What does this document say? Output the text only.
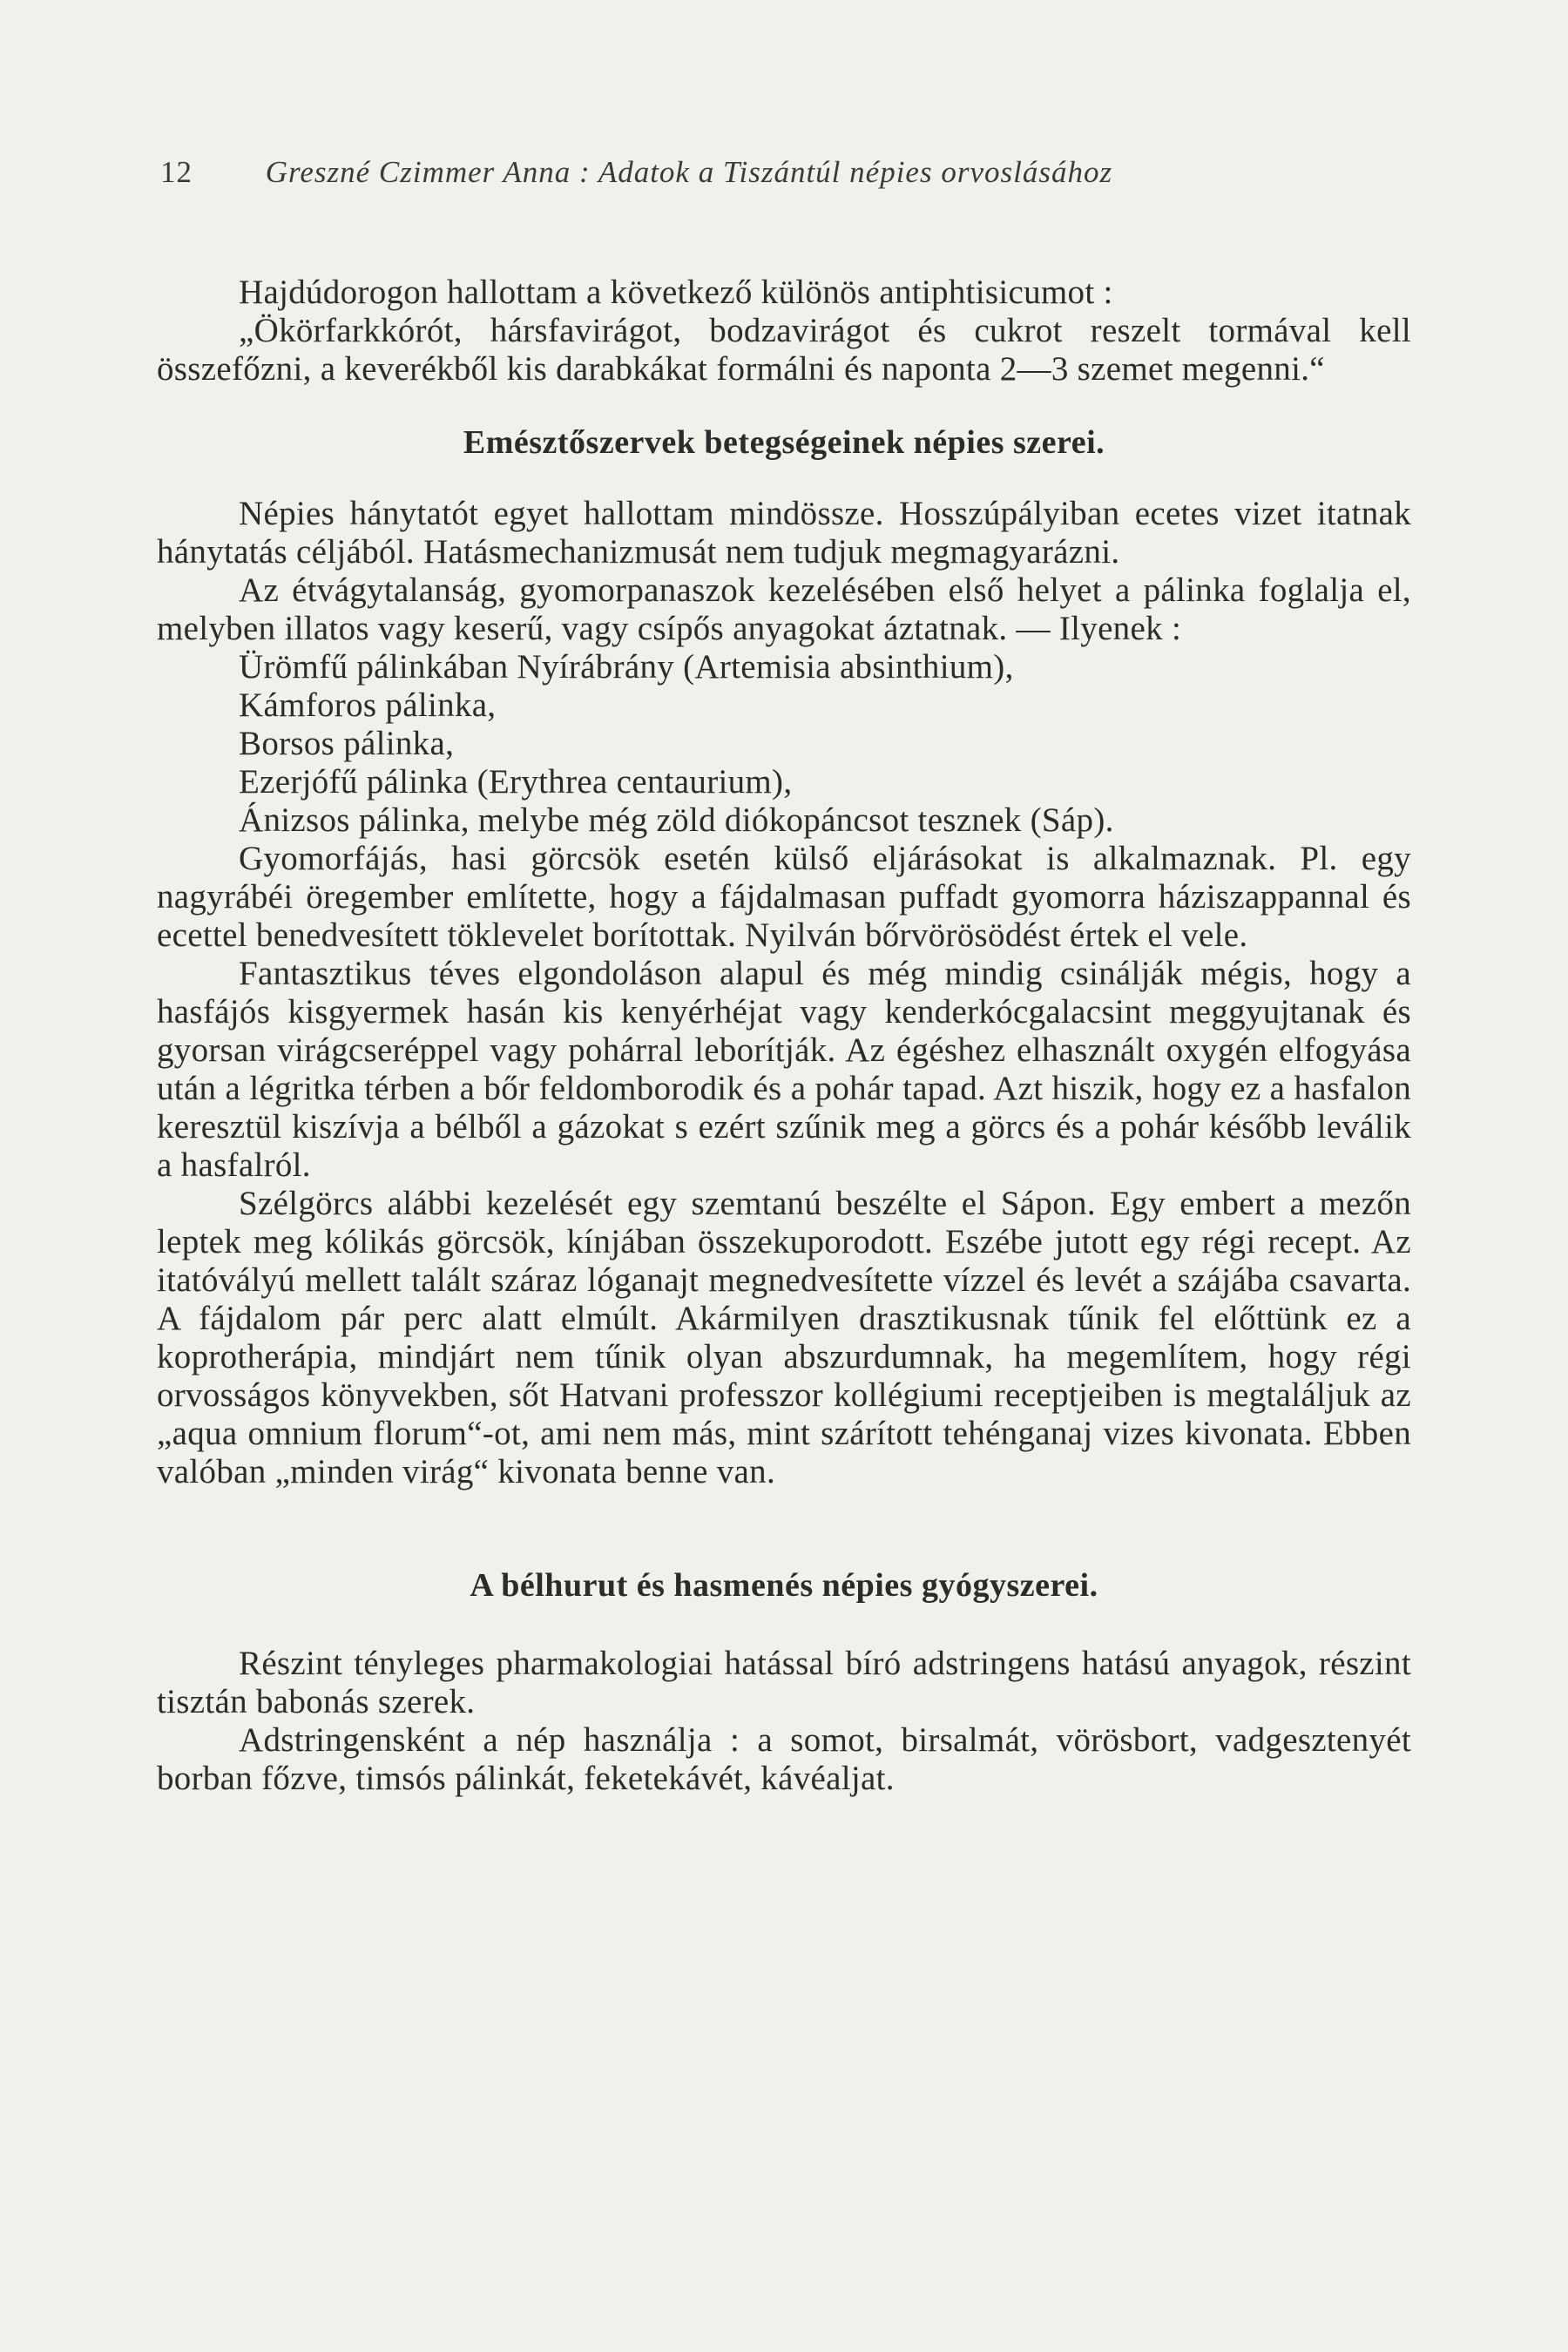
12 Greszné Czimmer Anna : Adatok a Tiszántúl népies orvoslásához

Hajdúdorogon hallottam a következő különös antiphtisicumot :

„Ökörfarkkórót, hársfavirágot, bodzavirágot és cukrot reszelt tormával kell összefőzni, a keverékből kis darabkákat formálni és naponta 2—3 szemet megenni.“

Emésztőszervek betegségeinek népies szerei.

Népies hánytatót egyet hallottam mindössze. Hosszúpályiban ecetes vizet itatnak hánytatás céljából. Hatásmechanizmusát nem tudjuk megmagyarázni.

Az étvágytalanság, gyomorpanaszok kezelésében első helyet a pálinka foglalja el, melyben illatos vagy keserű, vagy csípős anyagokat áztatnak. — Ilyenek :

Ürömfű pálinkában Nyírábrány (Artemisia absinthium),

Kámforos pálinka,

Borsos pálinka,

Ezerjófű pálinka (Erythrea centaurium),

Ánizsos pálinka, melybe még zöld diókopáncsot tesznek (Sáp).

Gyomorfájás, hasi görcsök esetén külső eljárásokat is alkalmaznak. Pl. egy nagyrábéi öregember említette, hogy a fájdalmasan puffadt gyomorra háziszappannal és ecettel benedvesített töklevelet borítottak. Nyilván bőrvörösödést értek el vele.

Fantasztikus téves elgondoláson alapul és még mindig csinálják mégis, hogy a hasfájós kisgyermek hasán kis kenyérhéjat vagy kenderkócgalacsint meggyujtanak és gyorsan virágcseréppel vagy pohárral leborítják. Az égéshez elhasznált oxygén elfogyása után a légritka térben a bőr feldomborodik és a pohár tapad. Azt hiszik, hogy ez a hasfalon keresztül kiszívja a bélből a gázokat s ezért szűnik meg a görcs és a pohár később leválik a hasfalról.

Szélgörcs alábbi kezelését egy szemtanú beszélte el Sápon. Egy embert a mezőn leptek meg kólikás görcsök, kínjában összekuporodott. Eszébe jutott egy régi recept. Az itatóvályú mellett talált száraz lóganajt megnedvesítette vízzel és levét a szájába csavarta. A fájdalom pár perc alatt elmúlt. Akármilyen drasztikusnak tűnik fel előttünk ez a koprotherápia, mindjárt nem tűnik olyan abszurdumnak, ha megemlítem, hogy régi orvosságos könyvekben, sőt Hatvani professzor kollégiumi receptjeiben is megtaláljuk az „aqua omnium florum“-ot, ami nem más, mint szárított tehénganaj vizes kivonata. Ebben valóban „minden virág“ kivonata benne van.

A bélhurut és hasmenés népies gyógyszerei.

Részint tényleges pharmakologiai hatással bíró adstringens hatású anyagok, részint tisztán babonás szerek.

Adstringensként a nép használja : a somot, birsalmát, vörösbort, vadgesztenyét borban főzve, timsós pálinkát, feketekávét, kávéaljat.
